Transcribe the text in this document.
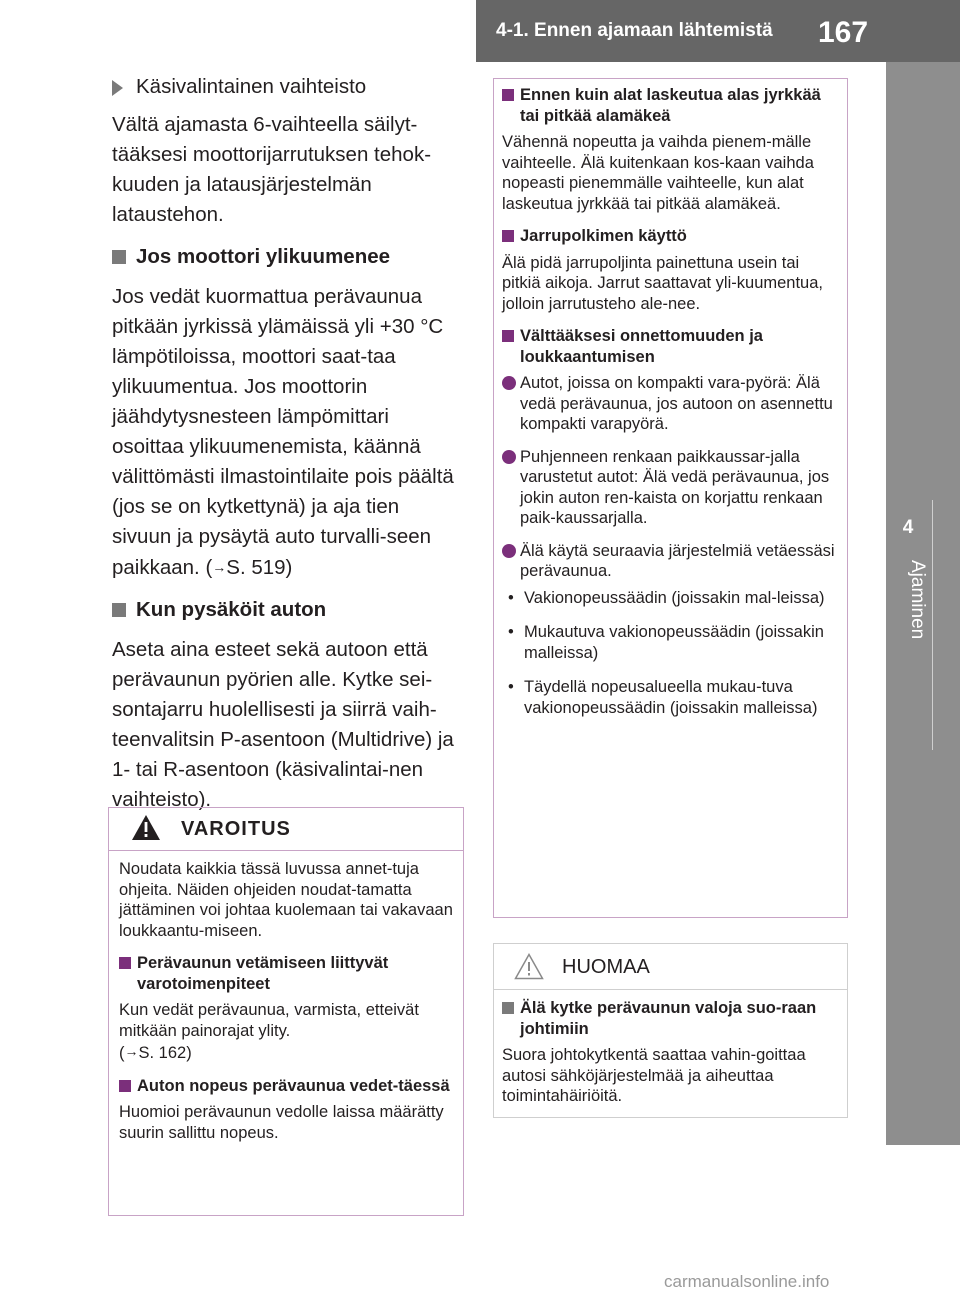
4-1. Ennen ajamaan lähtemistä 167
4
Ajaminen
Käsivalintainen vaihteisto

Vältä ajamasta 6-vaihteella säilyt-tääksesi moottorijarrutuksen tehok-kuuden ja latausjärjestelmän lataustehon.

Jos moottori ylikuumenee

Jos vedät kuormattua perävaunua pitkään jyrkissä ylämäissä yli +30 °C lämpötiloissa, moottori saat-taa ylikuumentua. Jos moottorin jäähdytysnesteen lämpömittari osoittaa ylikuumenemista, käännä välittömästi ilmastointilaite pois päältä (jos se on kytkettynä) ja aja tien sivuun ja pysäytä auto turvalli-seen paikkaan. (→S. 519)

Kun pysäköit auton

Aseta aina esteet sekä autoon että perävaunun pyörien alle. Kytke sei-sontajarru huolellisesti ja siirrä vaih-teenvalitsin P-asentoon (Multidrive) ja 1- tai R-asentoon (käsivalintai-nen vaihteisto).

VAROITUS

Noudata kaikkia tässä luvussa annet-tuja ohjeita. Näiden ohjeiden noudat-tamatta jättäminen voi johtaa kuolemaan tai vakavaan loukkaantu-miseen.

Perävaunun vetämiseen liittyvät varotoimenpiteet

Kun vedät perävaunua, varmista, etteivät mitkään painorajat ylity.
(→S. 162)

Auton nopeus perävaunua vedet-täessä

Huomioi perävaunun vedolle laissa määrätty suurin sallittu nopeus.

Ennen kuin alat laskeutua alas jyrkkää tai pitkää alamäkeä

Vähennä nopeutta ja vaihda pienem-mälle vaihteelle. Älä kuitenkaan kos-kaan vaihda nopeasti pienemmälle vaihteelle, kun alat laskeutua jyrkkää tai pitkää alamäkeä.

Jarrupolkimen käyttö

Älä pidä jarrupoljinta painettuna usein tai pitkiä aikoja. Jarrut saattavat yli-kuumentua, jolloin jarrutusteho ale-nee.

Välttääksesi onnettomuuden ja loukkaantumisen
Autot, joissa on kompakti vara-pyörä: Älä vedä perävaunua, jos autoon on asennettu kompakti varapyörä.
Puhjenneen renkaan paikkaussar-jalla varustetut autot: Älä vedä perävaunua, jos jokin auton ren-kaista on korjattu renkaan paik-kaussarjalla.
Älä käytä seuraavia järjestelmiä vetäessäsi perävaunua.
• Vakionopeussäädin (joissakin mal-leissa)
• Mukautuva vakionopeussäädin (joissakin malleissa)
• Täydellä nopeusalueella mukau-tuva vakionopeussäädin (joissakin malleissa)
HUOMAA
Älä kytke perävaunun valoja suo-raan johtimiin

Suora johtokytkentä saattaa vahin-goittaa autosi sähköjärjestelmää ja aiheuttaa toimintahäiriöitä.

carmanualsonline.info
